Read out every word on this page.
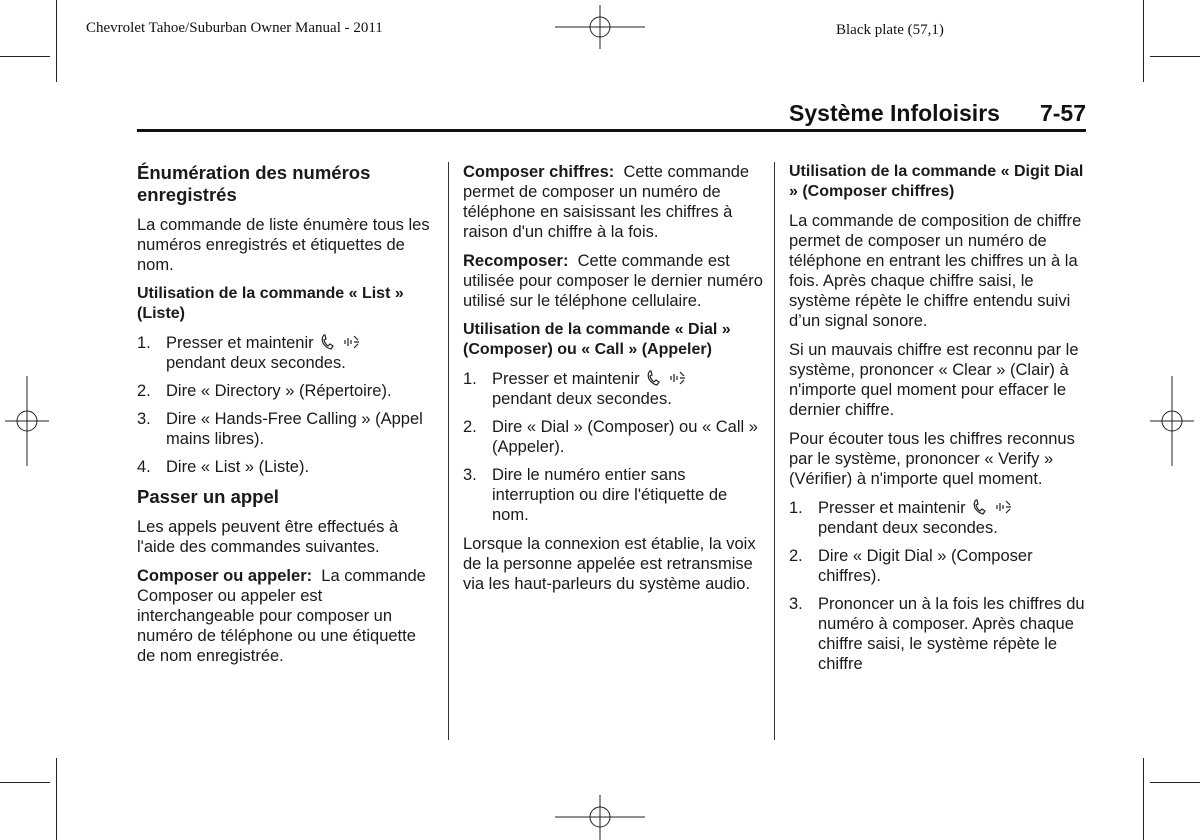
Chevrolet Tahoe/Suburban Owner Manual - 2011	Black plate (57,1)
Système Infoloisirs 7-57
Énumération des numéros enregistrés

La commande de liste énumère tous les numéros enregistrés et étiquettes de nom.

Utilisation de la commande « List » (Liste)
1. Presser et maintenir
pendant deux secondes.
2. Dire « Directory » (Répertoire).
3. Dire « Hands-Free Calling » (Appel mains libres).
4. Dire « List » (Liste).
Passer un appel

Les appels peuvent être effectués à l'aide des commandes suivantes.

Composer ou appeler: La commande Composer ou appeler est interchangeable pour composer un numéro de téléphone ou une étiquette de nom enregistrée.

Composer chiffres: Cette commande permet de composer un numéro de téléphone en saisissant les chiffres à raison d'un chiffre à la fois.

Recomposer: Cette commande est utilisée pour composer le dernier numéro utilisé sur le téléphone cellulaire.

Utilisation de la commande « Dial » (Composer) ou « Call » (Appeler)
1. Presser et maintenir
pendant deux secondes.
2. Dire « Dial » (Composer) ou « Call » (Appeler).
3. Dire le numéro entier sans interruption ou dire l'étiquette de nom.

Lorsque la connexion est établie, la voix de la personne appelée est retransmise via les haut-parleurs du système audio.

Utilisation de la commande « Digit Dial » (Composer chiffres)

La commande de composition de chiffre permet de composer un numéro de téléphone en entrant les chiffres un à la fois. Après chaque chiffre saisi, le système répète le chiffre entendu suivi d’un signal sonore.

Si un mauvais chiffre est reconnu par le système, prononcer « Clear » (Clair) à n'importe quel moment pour effacer le dernier chiffre.

Pour écouter tous les chiffres reconnus par le système, prononcer « Verify » (Vérifier) à n'importe quel moment.

1. Presser et maintenir
pendant deux secondes.
2. Dire « Digit Dial » (Composer chiffres).
3. Prononcer un à la fois les chiffres du numéro à composer. Après chaque chiffre saisi, le système répète le chiffre
